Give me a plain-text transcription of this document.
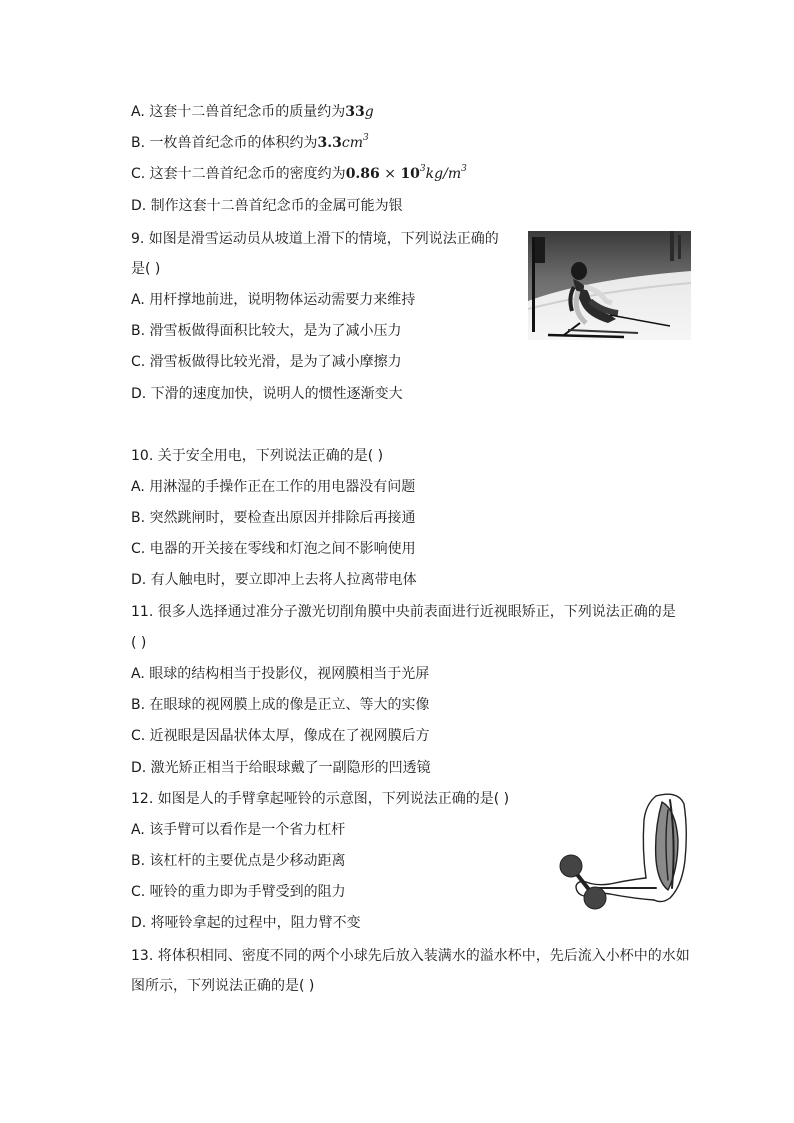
A. 这套十二兽首纪念币的质量约为33g
B. 一枚兽首纪念币的体积约为$3.3cm^3$
C. 这套十二兽首纪念币的密度约为$0.86 \times 10^3kg/m^3$
D. 制作这套十二兽首纪念币的金属可能为银
9. 如图是滑雪运动员从坡道上滑下的情境，下列说法正确的
是( )
A. 用杆撑地前进，说明物体运动需要力来维持
B. 滑雪板做得面积比较大，是为了减小压力
C. 滑雪板做得比较光滑，是为了减小摩擦力
D. 下滑的速度加快，说明人的惯性逐渐变大
10. 关于安全用电，下列说法正确的是( )
A. 用淋湿的手操作正在工作的用电器没有问题
B. 突然跳闸时，要检查出原因并排除后再接通
C. 电器的开关接在零线和灯泡之间不影响使用
D. 有人触电时，要立即冲上去将人拉离带电体
11. 很多人选择通过准分子激光切削角膜中央前表面进行近视眼矫正，下列说法正确的是
( )
A. 眼球的结构相当于投影仪，视网膜相当于光屏
B. 在眼球的视网膜上成的像是正立、等大的实像
C. 近视眼是因晶状体太厚，像成在了视网膜后方
D. 激光矫正相当于给眼球戴了一副隐形的凹透镜
12. 如图是人的手臂拿起哑铃的示意图，下列说法正确的是( )
A. 该手臂可以看作是一个省力杠杆
B. 该杠杆的主要优点是少移动距离
C. 哑铃的重力即为手臂受到的阻力
D. 将哑铃拿起的过程中，阻力臂不变
13. 将体积相同、密度不同的两个小球先后放入装满水的溢水杯中，先后流入小杯中的水如
图所示，下列说法正确的是( )
